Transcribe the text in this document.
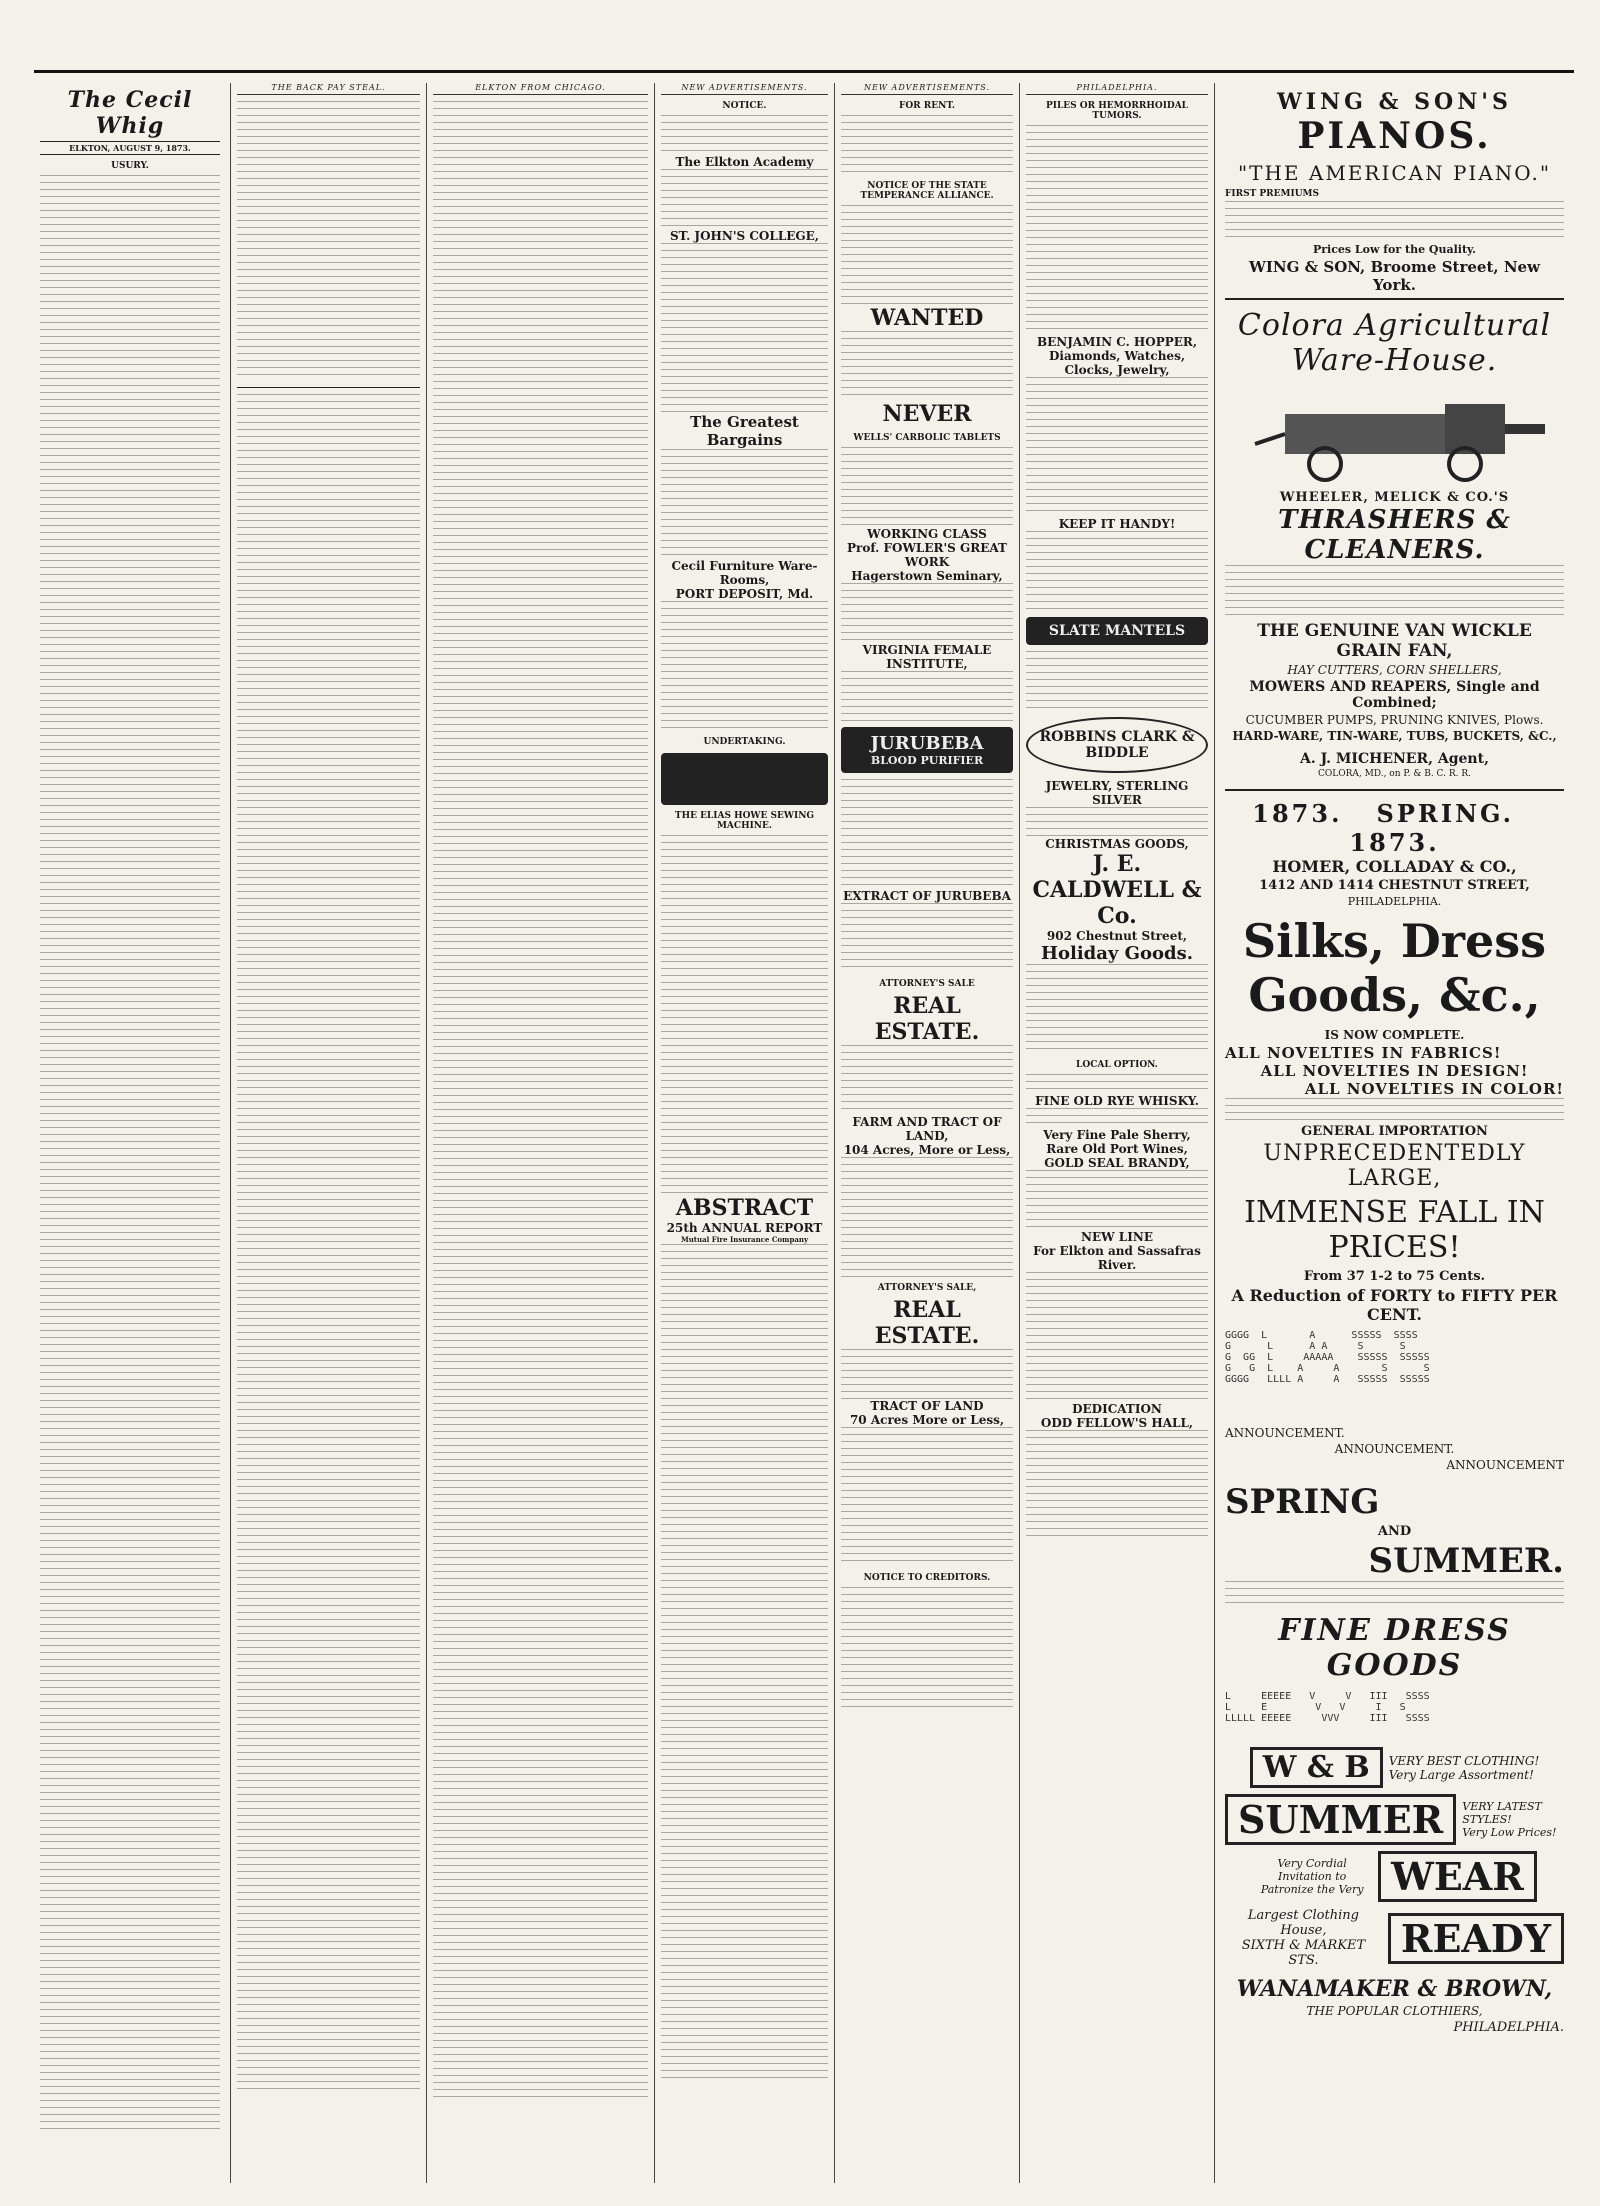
The Cecil Whig
ELKTON, AUGUST 9, 1873.
USURY.
THE BACK PAY STEAL.	ELKTON FROM CHICAGO.	NEW ADVERTISEMENTS.
NOTICE.
The Elkton Academy
ST. JOHN'S COLLEGE,
The Greatest Bargains
Cecil Furniture Ware-Rooms,
PORT DEPOSIT, Md.
UNDERTAKING.
THE ELIAS HOWE SEWING MACHINE.
ABSTRACT
25th ANNUAL REPORT
Mutual Fire Insurance Company
NEW ADVERTISEMENTS.
FOR RENT.
NOTICE OF THE STATE TEMPERANCE ALLIANCE.
WANTED
NEVER
WELLS' CARBOLIC TABLETS
WORKING CLASS
Prof. FOWLER'S GREAT WORK
Hagerstown Seminary,
VIRGINIA FEMALE INSTITUTE,
JURUBEBA
BLOOD PURIFIER
EXTRACT OF JURUBEBA
ATTORNEY'S SALE
REAL ESTATE.
FARM AND TRACT OF LAND,
104 Acres, More or Less,
ATTORNEY'S SALE,
REAL ESTATE.
TRACT OF LAND
70 Acres More or Less,
NOTICE TO CREDITORS.
PHILADELPHIA.
PILES OR HEMORRHOIDAL TUMORS.
BENJAMIN C. HOPPER,
Diamonds, Watches, Clocks, Jewelry,
KEEP IT HANDY!
SLATE MANTELS
ROBBINS CLARK & BIDDLE
JEWELRY, STERLING SILVER
CHRISTMAS GOODS,
J. E. CALDWELL & Co.
902 Chestnut Street,
Holiday Goods.
LOCAL OPTION.
FINE OLD RYE WHISKY.
Very Fine Pale Sherry,
Rare Old Port Wines,
GOLD SEAL BRANDY,
NEW LINE
For Elkton and Sassafras River.
DEDICATION
ODD FELLOW'S HALL,
WING & SON'S
PIANOS.
"THE AMERICAN PIANO."
FIRST PREMIUMS
Prices Low for the Quality.
WING & SON, Broome Street, New York.
Colora Agricultural Ware-House.
WHEELER, MELICK & CO.'S
THRASHERS & CLEANERS.
THE GENUINE VAN WICKLE GRAIN FAN,
HAY CUTTERS, CORN SHELLERS,
MOWERS AND REAPERS, Single and Combined;
CUCUMBER PUMPS, PRUNING KNIVES, Plows.
HARD-WARE, TIN-WARE, TUBS, BUCKETS, &C.,
A. J. MICHENER, Agent,
COLORA, MD., on P. & B. C. R. R.
1873. SPRING.   1873.
HOMER, COLLADAY & CO.,
1412 AND 1414 CHESTNUT STREET,
PHILADELPHIA.
Silks, Dress Goods, &c.,
IS NOW COMPLETE.
ALL NOVELTIES IN FABRICS!
ALL NOVELTIES IN DESIGN!
ALL NOVELTIES IN COLOR!
GENERAL IMPORTATION
UNPRECEDENTEDLY LARGE,
IMMENSE FALL IN PRICES!
From 37 1-2 to 75 Cents.
A Reduction of FORTY to FIFTY PER CENT.
GGGG  L       A      SSSSS  SSSS
G      L      A A     S      S
G  GG  L     AAAAA    SSSSS  SSSSS
G   G  L    A     A       S      S
GGGG   LLLL A     A   SSSSS  SSSSS
ANNOUNCEMENT.
ANNOUNCEMENT.
ANNOUNCEMENT
SPRING
AND
SUMMER.
FINE DRESS GOODS
L     EEEEE   V     V   III   SSSS
L     E        V   V     I   S
LLLLL EEEEE     VVV     III   SSSS
W & B	VERY BEST CLOTHING!
Very Large Assortment!
SUMMER	VERY LATEST STYLES!
Very Low Prices!
Very Cordial Invitation to Patronize the Very WEAR
Largest Clothing House,
SIXTH & MARKET STS.	READY
WANAMAKER & BROWN,
THE POPULAR CLOTHIERS,
PHILADELPHIA.
